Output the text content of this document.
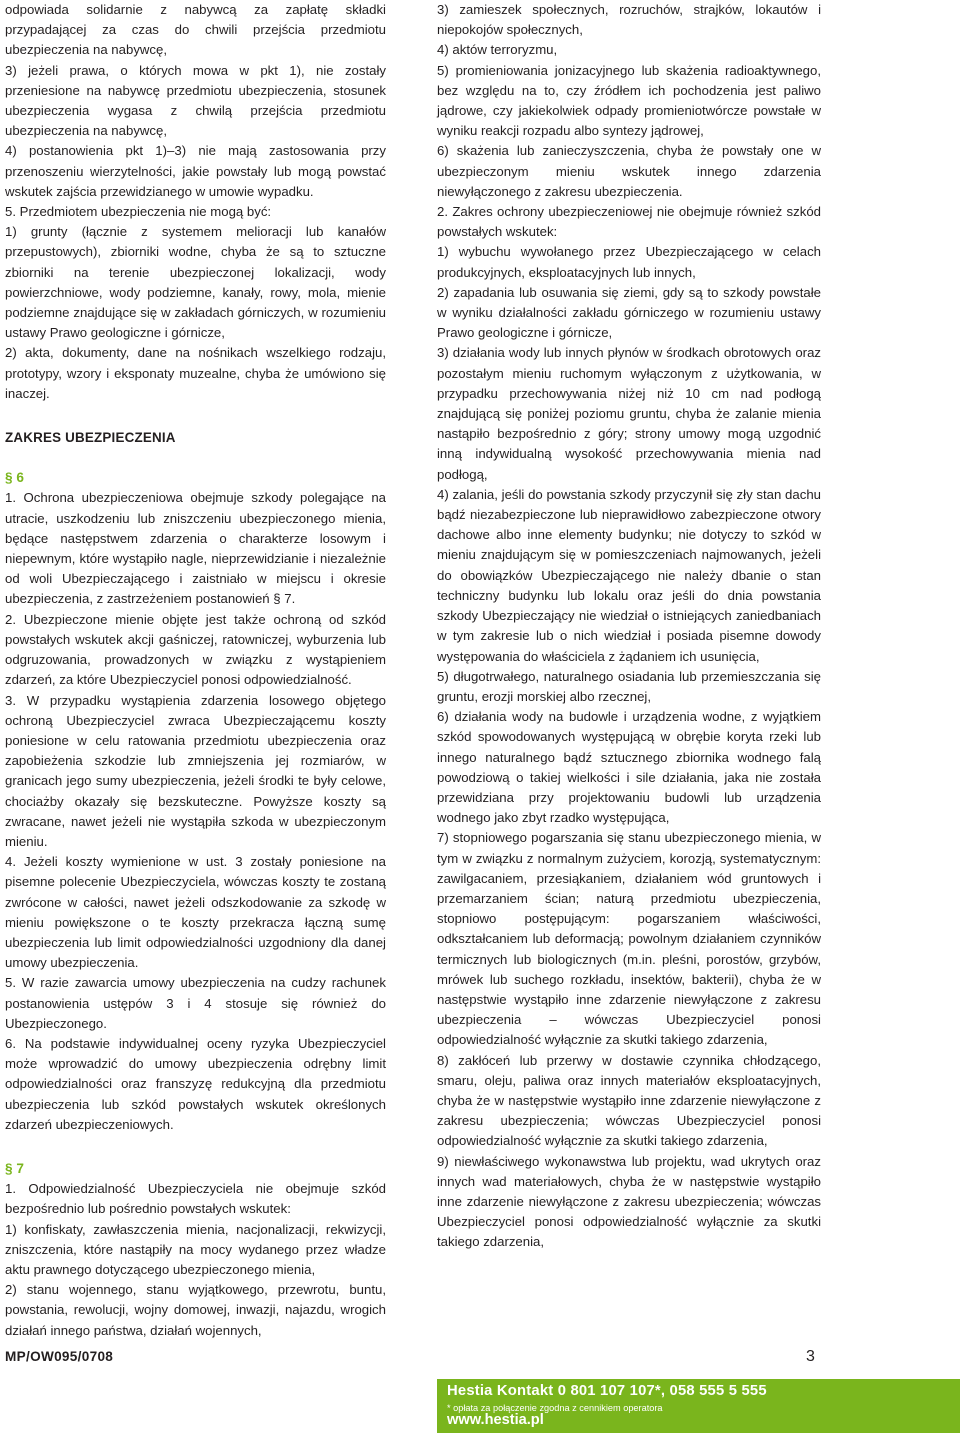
odpowiada solidarnie z nabywcą za zapłatę składki przypadającej za czas do chwili przejścia przedmiotu ubezpieczenia na nabywcę,

3) jeżeli prawa, o których mowa w pkt 1), nie zostały przeniesione na nabywcę przedmiotu ubezpieczenia, stosunek ubezpieczenia wygasa z chwilą przejścia przedmiotu ubezpieczenia na nabywcę,

4) postanowienia pkt 1)–3) nie mają zastosowania przy przenoszeniu wierzytelności, jakie powstały lub mogą powstać wskutek zajścia przewidzianego w umowie wypadku.

5. Przedmiotem ubezpieczenia nie mogą być:

1) grunty (łącznie z systemem melioracji lub kanałów przepustowych), zbiorniki wodne, chyba że są to sztuczne zbiorniki na terenie ubezpieczonej lokalizacji, wody powierzchniowe, wody podziemne, kanały, rowy, mola, mienie podziemne znajdujące się w zakładach górniczych, w rozumieniu ustawy Prawo geologiczne i górnicze,

2) akta, dokumenty, dane na nośnikach wszelkiego rodzaju, prototypy, wzory i eksponaty muzealne, chyba że umówiono się inaczej.

ZAKRES UBEZPIECZENIA
§ 6

1. Ochrona ubezpieczeniowa obejmuje szkody polegające na utracie, uszkodzeniu lub zniszczeniu ubezpieczonego mienia, będące następstwem zdarzenia o charakterze losowym i niepewnym, które wystąpiło nagle, nieprzewidzianie i niezależnie od woli Ubezpieczającego i zaistniało w miejscu i okresie ubezpieczenia, z zastrzeżeniem postanowień § 7.

2. Ubezpieczone mienie objęte jest także ochroną od szkód powstałych wskutek akcji gaśniczej, ratowniczej, wyburzenia lub odgruzowania, prowadzonych w związku z wystąpieniem zdarzeń, za które Ubezpieczyciel ponosi odpowiedzialność.

3. W przypadku wystąpienia zdarzenia losowego objętego ochroną Ubezpieczyciel zwraca Ubezpieczającemu koszty poniesione w celu ratowania przedmiotu ubezpieczenia oraz zapobieżenia szkodzie lub zmniejszenia jej rozmiarów, w granicach jego sumy ubezpieczenia, jeżeli środki te były celowe, chociażby okazały się bezskuteczne. Powyższe koszty są zwracane, nawet jeżeli nie wystąpiła szkoda w ubezpieczonym mieniu.

4. Jeżeli koszty wymienione w ust. 3 zostały poniesione na pisemne polecenie Ubezpieczyciela, wówczas koszty te zostaną zwrócone w całości, nawet jeżeli odszkodowanie za szkodę w mieniu powiększone o te koszty przekracza łączną sumę ubezpieczenia lub limit odpowiedzialności uzgodniony dla danej umowy ubezpieczenia.

5. W razie zawarcia umowy ubezpieczenia na cudzy rachunek postanowienia ustępów 3 i 4 stosuje się również do Ubezpieczonego.

6. Na podstawie indywidualnej oceny ryzyka Ubezpieczyciel może wprowadzić do umowy ubezpieczenia odrębny limit odpowiedzialności oraz franszyzę redukcyjną dla przedmiotu ubezpieczenia lub szkód powstałych wskutek określonych zdarzeń ubezpieczeniowych.

§ 7

1. Odpowiedzialność Ubezpieczyciela nie obejmuje szkód bezpośrednio lub pośrednio powstałych wskutek:

1) konfiskaty, zawłaszczenia mienia, nacjonalizacji, rekwizycji, zniszczenia, które nastąpiły na mocy wydanego przez władze aktu prawnego dotyczącego ubezpieczonego mienia,

2) stanu wojennego, stanu wyjątkowego, przewrotu, buntu, powstania, rewolucji, wojny domowej, inwazji, najazdu, wrogich działań innego państwa, działań wojennych,

3) zamieszek społecznych, rozruchów, strajków, lokautów i niepokojów społecznych,

4) aktów terroryzmu,

5) promieniowania jonizacyjnego lub skażenia radioaktywnego, bez względu na to, czy źródłem ich pochodzenia jest paliwo jądrowe, czy jakiekolwiek odpady promieniotwórcze powstałe w wyniku reakcji rozpadu albo syntezy jądrowej,

6) skażenia lub zanieczyszczenia, chyba że powstały one w ubezpieczonym mieniu wskutek innego zdarzenia niewyłączonego z zakresu ubezpieczenia.

2. Zakres ochrony ubezpieczeniowej nie obejmuje również szkód powstałych wskutek:

1) wybuchu wywołanego przez Ubezpieczającego w celach produkcyjnych, eksploatacyjnych lub innych,

2) zapadania lub osuwania się ziemi, gdy są to szkody powstałe w wyniku działalności zakładu górniczego w rozumieniu ustawy Prawo geologiczne i górnicze,

3) działania wody lub innych płynów w środkach obrotowych oraz pozostałym mieniu ruchomym wyłączonym z użytkowania, w przypadku przechowywania niżej niż 10 cm nad podłogą znajdującą się poniżej poziomu gruntu, chyba że zalanie mienia nastąpiło bezpośrednio z góry; strony umowy mogą uzgodnić inną indywidualną wysokość przechowywania mienia nad podłogą,

4) zalania, jeśli do powstania szkody przyczynił się zły stan dachu bądź niezabezpieczone lub nieprawidłowo zabezpieczone otwory dachowe albo inne elementy budynku; nie dotyczy to szkód w mieniu znajdującym się w pomieszczeniach najmowanych, jeżeli do obowiązków Ubezpieczającego nie należy dbanie o stan techniczny budynku lub lokalu oraz jeśli do dnia powstania szkody Ubezpieczający nie wiedział o istniejących zaniedbaniach w tym zakresie lub o nich wiedział i posiada pisemne dowody występowania do właściciela z żądaniem ich usunięcia,

5) długotrwałego, naturalnego osiadania lub przemieszczania się gruntu, erozji morskiej albo rzecznej,

6) działania wody na budowle i urządzenia wodne, z wyjątkiem szkód spowodowanych występującą w obrębie koryta rzeki lub innego naturalnego bądź sztucznego zbiornika wodnego falą powodziową o takiej wielkości i sile działania, jaka nie została przewidziana przy projektowaniu budowli lub urządzenia wodnego jako zbyt rzadko występująca,

7) stopniowego pogarszania się stanu ubezpieczonego mienia, w tym w związku z normalnym zużyciem, korozją, systematycznym: zawilgacaniem, przesiąkaniem, działaniem wód gruntowych i przemarzaniem ścian; naturą przedmiotu ubezpieczenia, stopniowo postępującym: pogarszaniem właściwości, odkształcaniem lub deformacją; powolnym działaniem czynników termicznych lub biologicznych (m.in. pleśni, porostów, grzybów, mrówek lub suchego rozkładu, insektów, bakterii), chyba że w następstwie wystąpiło inne zdarzenie niewyłączone z zakresu ubezpieczenia – wówczas Ubezpieczyciel ponosi odpowiedzialność wyłącznie za skutki takiego zdarzenia,

8) zakłóceń lub przerwy w dostawie czynnika chłodzącego, smaru, oleju, paliwa oraz innych materiałów eksploatacyjnych, chyba że w następstwie wystąpiło inne zdarzenie niewyłączone z zakresu ubezpieczenia; wówczas Ubezpieczyciel ponosi odpowiedzialność wyłącznie za skutki takiego zdarzenia,

9) niewłaściwego wykonawstwa lub projektu, wad ukrytych oraz innych wad materiałowych, chyba że w następstwie wystąpiło inne zdarzenie niewyłączone z zakresu ubezpieczenia; wówczas Ubezpieczyciel ponosi odpowiedzialność wyłącznie za skutki takiego zdarzenia,

MP/OW095/0708	3
Hestia Kontakt 0 801 107 107*, 058 555 5 555
* opłata za połączenie zgodna z cennikiem operatora
www.hestia.pl
